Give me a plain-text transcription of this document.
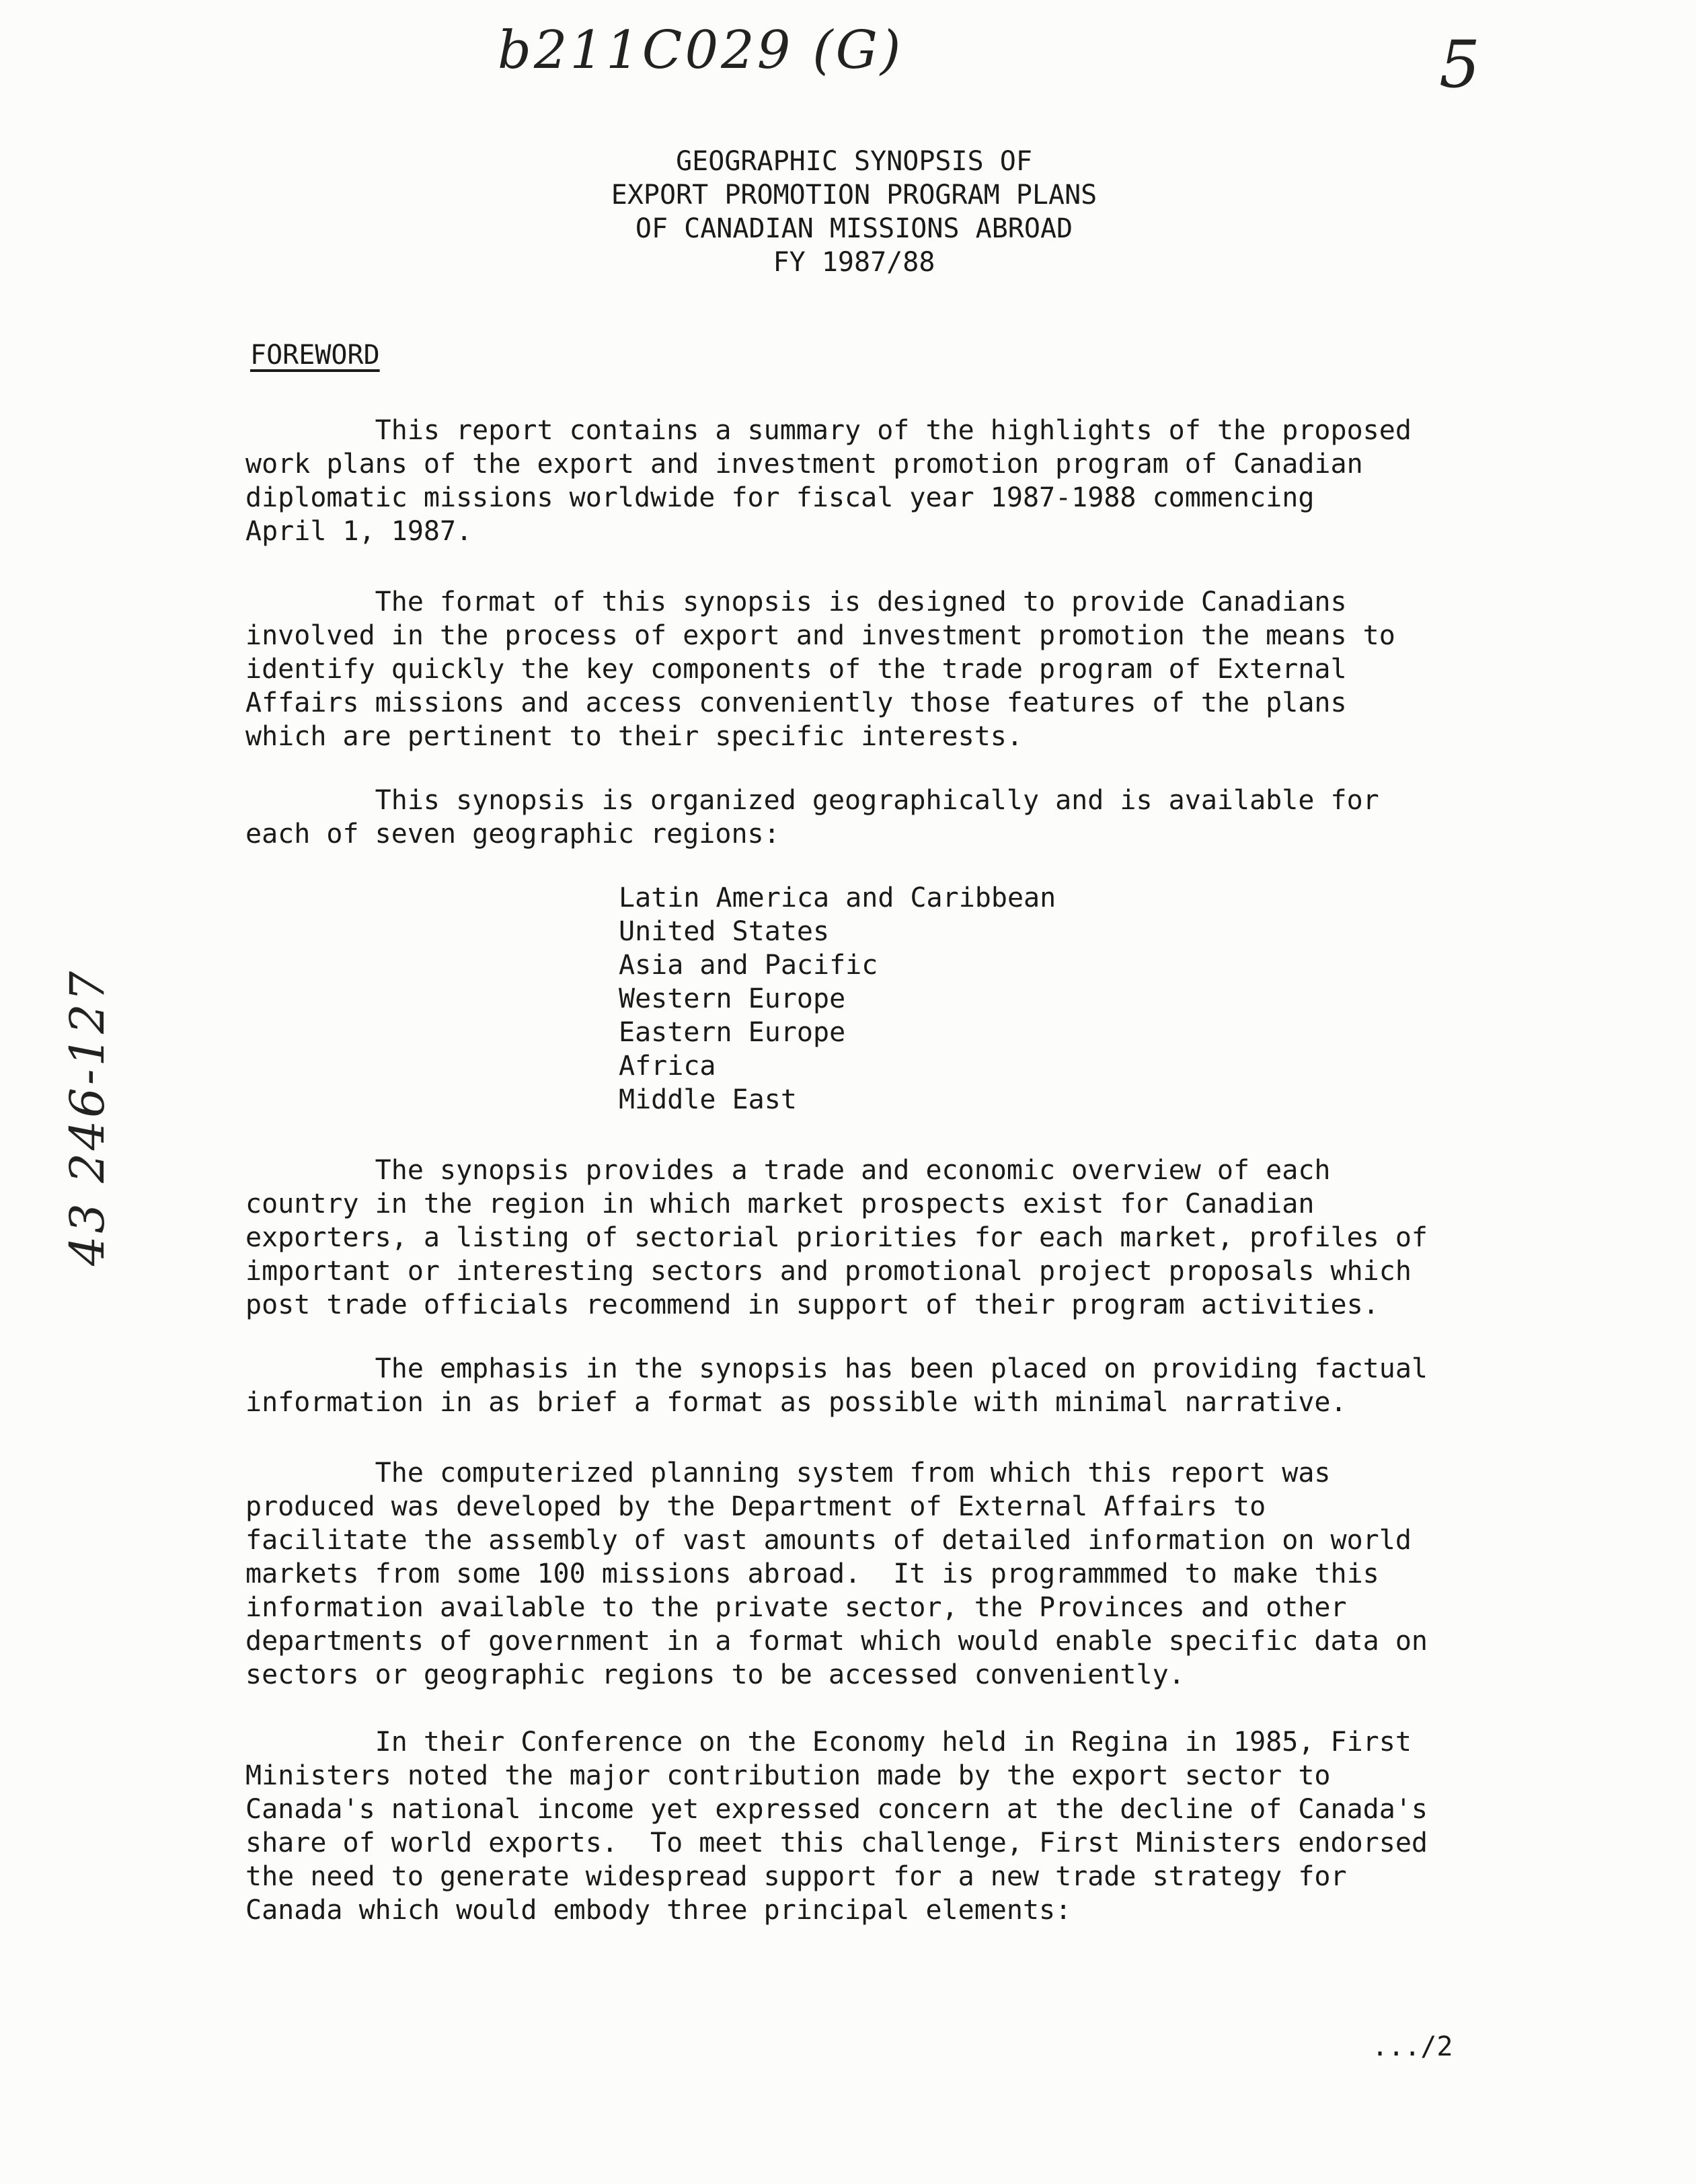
b211C029 (G)	5
43 246-127
GEOGRAPHIC SYNOPSIS OF
EXPORT PROMOTION PROGRAM PLANS
OF CANADIAN MISSIONS ABROAD
FY 1987/88
FOREWORD
This report contains a summary of the highlights of the proposed
work plans of the export and investment promotion program of Canadian
diplomatic missions worldwide for fiscal year 1987-1988 commencing
April 1, 1987.
The format of this synopsis is designed to provide Canadians
involved in the process of export and investment promotion the means to
identify quickly the key components of the trade program of External
Affairs missions and access conveniently those features of the plans
which are pertinent to their specific interests.
This synopsis is organized geographically and is available for
each of seven geographic regions:
Latin America and Caribbean
United States
Asia and Pacific
Western Europe
Eastern Europe
Africa
Middle East
The synopsis provides a trade and economic overview of each
country in the region in which market prospects exist for Canadian
exporters, a listing of sectorial priorities for each market, profiles of
important or interesting sectors and promotional project proposals which
post trade officials recommend in support of their program activities.
The emphasis in the synopsis has been placed on providing factual
information in as brief a format as possible with minimal narrative.
The computerized planning system from which this report was
produced was developed by the Department of External Affairs to
facilitate the assembly of vast amounts of detailed information on world
markets from some 100 missions abroad.  It is programmmed to make this
information available to the private sector, the Provinces and other
departments of government in a format which would enable specific data on
sectors or geographic regions to be accessed conveniently.
In their Conference on the Economy held in Regina in 1985, First
Ministers noted the major contribution made by the export sector to
Canada's national income yet expressed concern at the decline of Canada's
share of world exports.  To meet this challenge, First Ministers endorsed
the need to generate widespread support for a new trade strategy for
Canada which would embody three principal elements:
.../2
